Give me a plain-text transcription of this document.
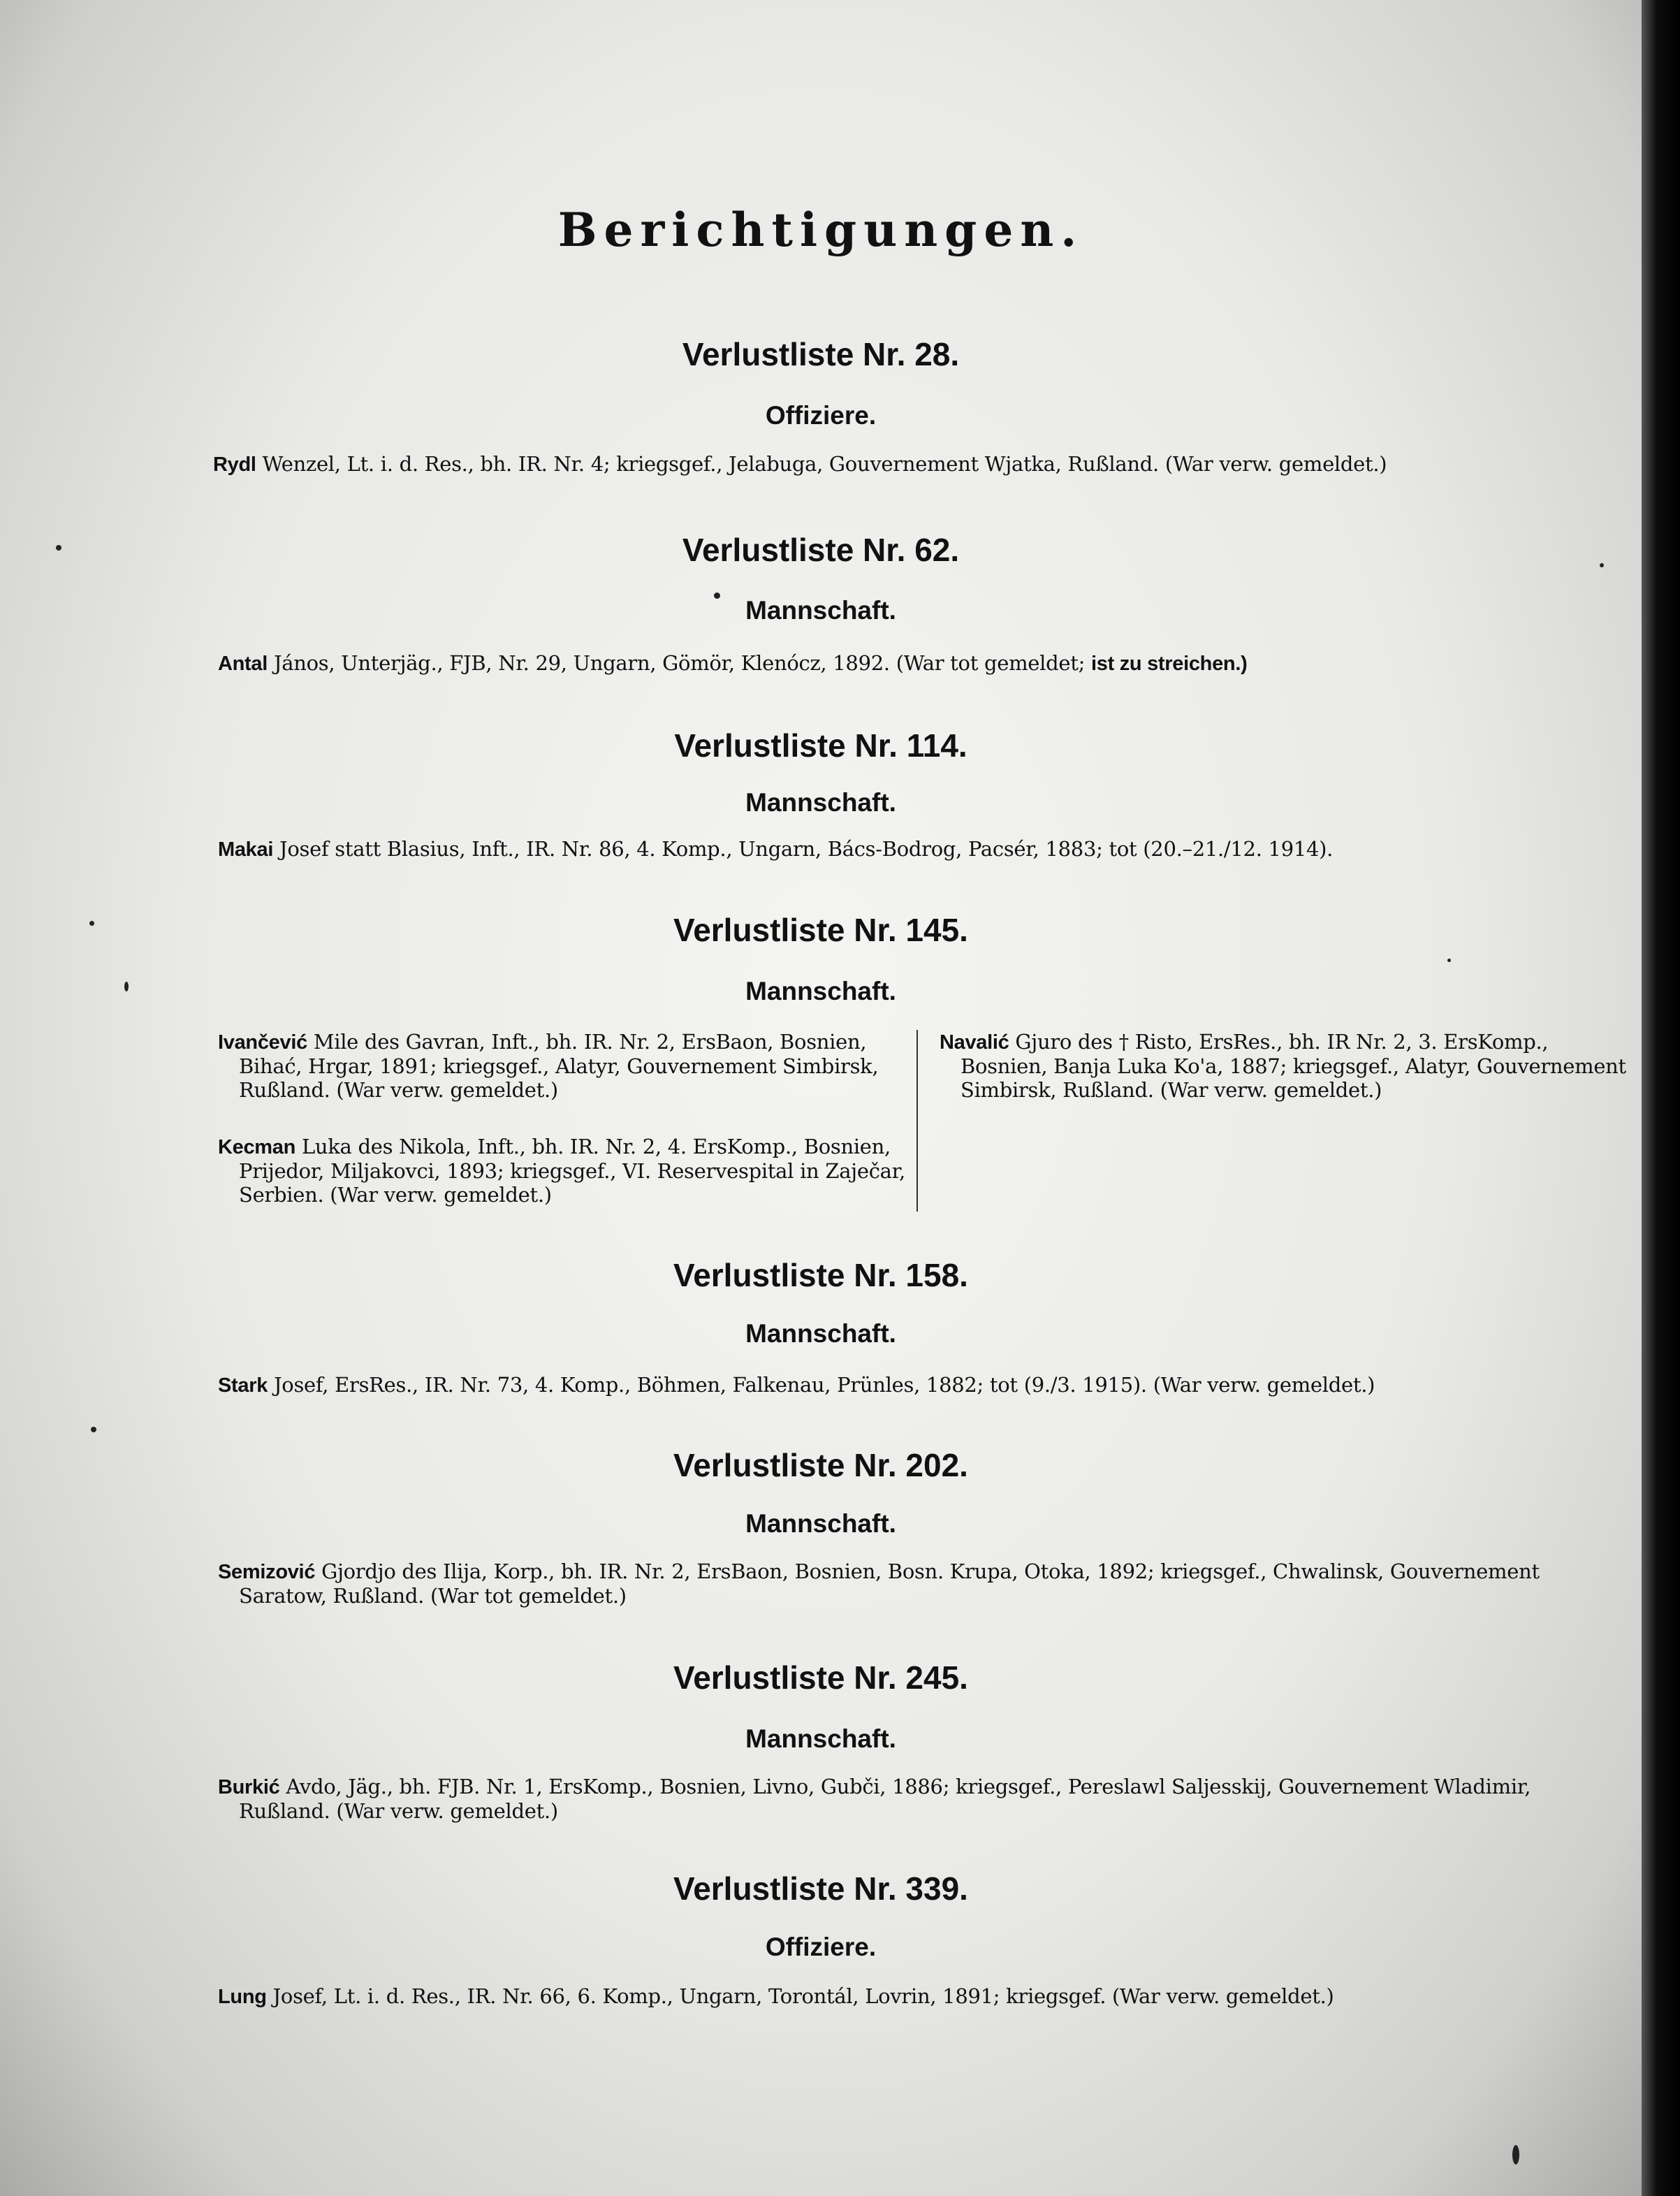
Berichtigungen.
Verlustliste Nr. 28.
Offiziere.

Rydl Wenzel, Lt. i. d. Res., bh. IR. Nr. 4; kriegsgef., Jelabuga, Gouvernement Wjatka, Rußland. (War verw. gemeldet.)

Verlustliste Nr. 62.
Mannschaft.

Antal János, Unterjäg., FJB, Nr. 29, Ungarn, Gömör, Klenócz, 1892. (War tot gemeldet; ist zu streichen.)

Verlustliste Nr. 114.
Mannschaft.

Makai Josef statt Blasius, Inft., IR. Nr. 86, 4. Komp., Ungarn, Bács-Bodrog, Pacsér, 1883; tot (20.–21./12. 1914).

Verlustliste Nr. 145.
Mannschaft.

Ivančević Mile des Gavran, Inft., bh. IR. Nr. 2, ErsBaon, Bosnien, Bihać, Hrgar, 1891; kriegsgef., Alatyr, Gouvernement Simbirsk, Rußland. (War verw. gemeldet.)

Kecman Luka des Nikola, Inft., bh. IR. Nr. 2, 4. ErsKomp., Bosnien, Prijedor, Miljakovci, 1893; kriegsgef., VI. Reservespital in Zaječar, Serbien. (War verw. gemeldet.)

Navalić Gjuro des † Risto, ErsRes., bh. IR Nr. 2, 3. ErsKomp., Bosnien, Banja Luka Ko'a, 1887; kriegsgef., Alatyr, Gouvernement Simbirsk, Rußland. (War verw. gemeldet.)

Verlustliste Nr. 158.
Mannschaft.

Stark Josef, ErsRes., IR. Nr. 73, 4. Komp., Böhmen, Falkenau, Prünles, 1882; tot (9./3. 1915). (War verw. gemeldet.)

Verlustliste Nr. 202.
Mannschaft.

Semizović Gjordjo des Ilija, Korp., bh. IR. Nr. 2, ErsBaon, Bosnien, Bosn. Krupa, Otoka, 1892; kriegsgef., Chwalinsk, Gouvernement Saratow, Rußland. (War tot gemeldet.)

Verlustliste Nr. 245.
Mannschaft.

Burkić Avdo, Jäg., bh. FJB. Nr. 1, ErsKomp., Bosnien, Livno, Gubči, 1886; kriegsgef., Pereslawl Saljesskij, Gouvernement Wladimir, Rußland. (War verw. gemeldet.)

Verlustliste Nr. 339.
Offiziere.

Lung Josef, Lt. i. d. Res., IR. Nr. 66, 6. Komp., Ungarn, Torontál, Lovrin, 1891; kriegsgef. (War verw. gemeldet.)
